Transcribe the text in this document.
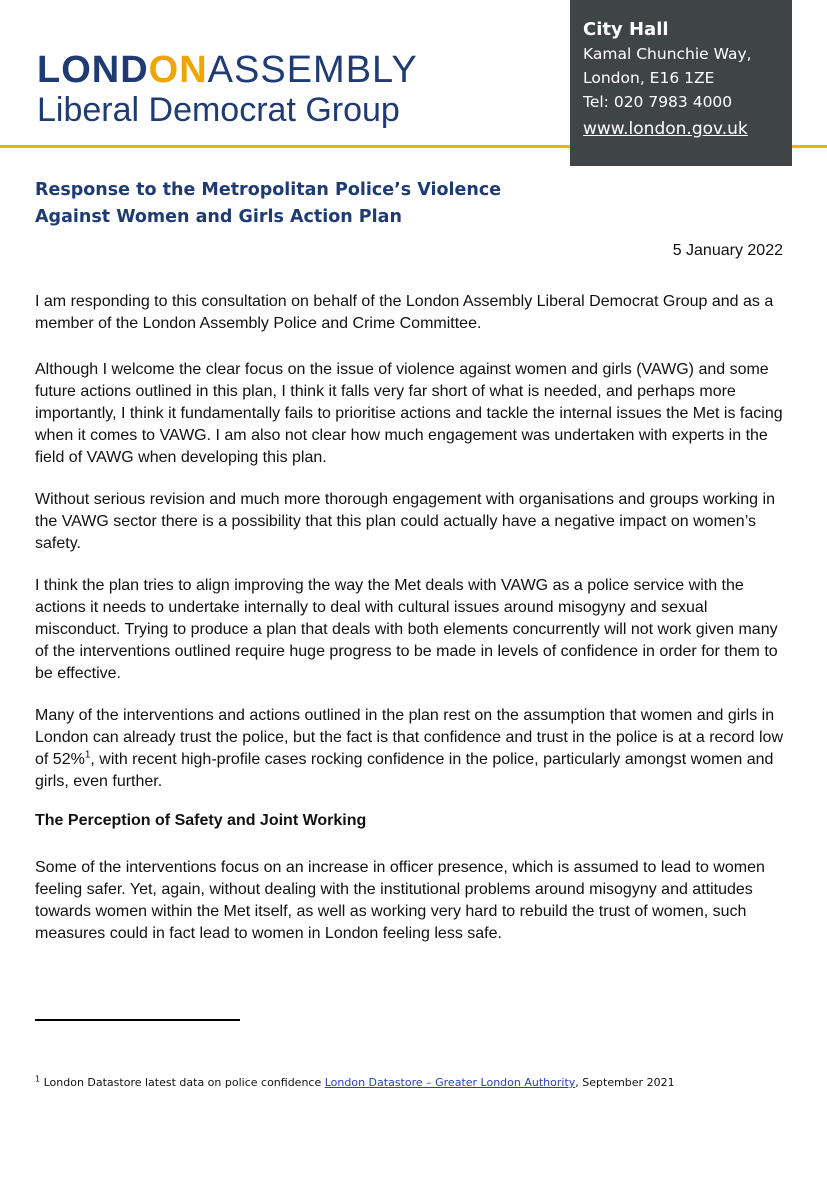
LONDONASSEMBLY
Liberal Democrat Group
City Hall
Kamal Chunchie Way,
London, E16 1ZE
Tel: 020 7983 4000
www.london.gov.uk
Response to the Metropolitan Police’s Violence
Against Women and Girls Action Plan
5 January 2022
I am responding to this consultation on behalf of the London Assembly Liberal Democrat Group and as a member of the London Assembly Police and Crime Committee.
Although I welcome the clear focus on the issue of violence against women and girls (VAWG) and some future actions outlined in this plan, I think it falls very far short of what is needed, and perhaps more importantly, I think it fundamentally fails to prioritise actions and tackle the internal issues the Met is facing when it comes to VAWG. I am also not clear how much engagement was undertaken with experts in the field of VAWG when developing this plan.
Without serious revision and much more thorough engagement with organisations and groups working in the VAWG sector there is a possibility that this plan could actually have a negative impact on women’s safety.
I think the plan tries to align improving the way the Met deals with VAWG as a police service with the actions it needs to undertake internally to deal with cultural issues around misogyny and sexual misconduct. Trying to produce a plan that deals with both elements concurrently will not work given many of the interventions outlined require huge progress to be made in levels of confidence in order for them to be effective.
Many of the interventions and actions outlined in the plan rest on the assumption that women and girls in London can already trust the police, but the fact is that confidence and trust in the police is at a record low of 52%$^1$, with recent high-profile cases rocking confidence in the police, particularly amongst women and girls, even further.
The Perception of Safety and Joint Working
Some of the interventions focus on an increase in officer presence, which is assumed to lead to women feeling safer. Yet, again, without dealing with the institutional problems around misogyny and attitudes towards women within the Met itself, as well as working very hard to rebuild the trust of women, such measures could in fact lead to women in London feeling less safe.
$^1$ London Datastore latest data on police confidence London Datastore – Greater London Authority, September 2021
